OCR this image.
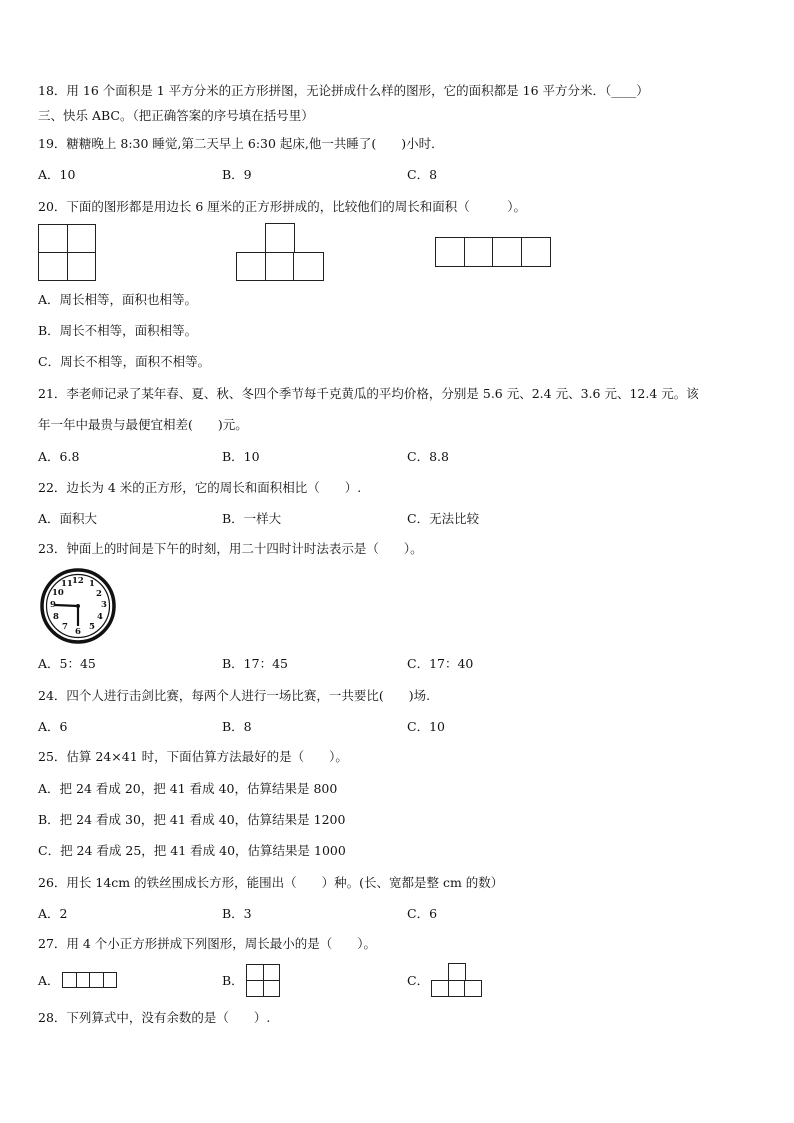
18．用 16 个面积是 1 平方分米的正方形拼图，无论拼成什么样的图形，它的面积都是 16 平方分米．（____）
三、快乐 ABC。（把正确答案的序号填在括号里）
19．糖糖晚上 8:30 睡觉,第二天早上 6:30 起床,他一共睡了(　　)小时．
A．10	B．9	C．8
20．下面的图形都是用边长 6 厘米的正方形拼成的，比较他们的周长和面积（　　　）。
A．周长相等，面积也相等。
B．周长不相等，面积相等。
C．周长不相等，面积不相等。
21．李老师记录了某年春、夏、秋、冬四个季节每千克黄瓜的平均价格，分别是 5.6 元、2.4 元、3.6 元、12.4 元。该
年一年中最贵与最便宜相差(　　)元。
A．6.8	B．10	C．8.8
22．边长为 4 米的正方形，它的周长和面积相比（　　）.
A．面积大	B．一样大	C．无法比较
23．钟面上的时间是下午的时刻，用二十四时计时法表示是（　　）。
12 1
2
3
4
5
6
7
8
9
10
11
A．5：45	B．17：45	C．17：40
24．四个人进行击剑比赛，每两个人进行一场比赛，一共要比(　　)场.
A．6	B．8	C．10
25．估算 24×41 时，下面估算方法最好的是（　　）。
A．把 24 看成 20，把 41 看成 40，估算结果是 800
B．把 24 看成 30，把 41 看成 40，估算结果是 1200
C．把 24 看成 25，把 41 看成 40，估算结果是 1000
26．用长 14cm 的铁丝围成长方形，能围出（　　）种。(长、宽都是整 cm 的数）
A．2	B．3	C．6
27．用 4 个小正方形拼成下列图形，周长最小的是（　　）。
A．	B．	C．
28．下列算式中，没有余数的是（　　）.
